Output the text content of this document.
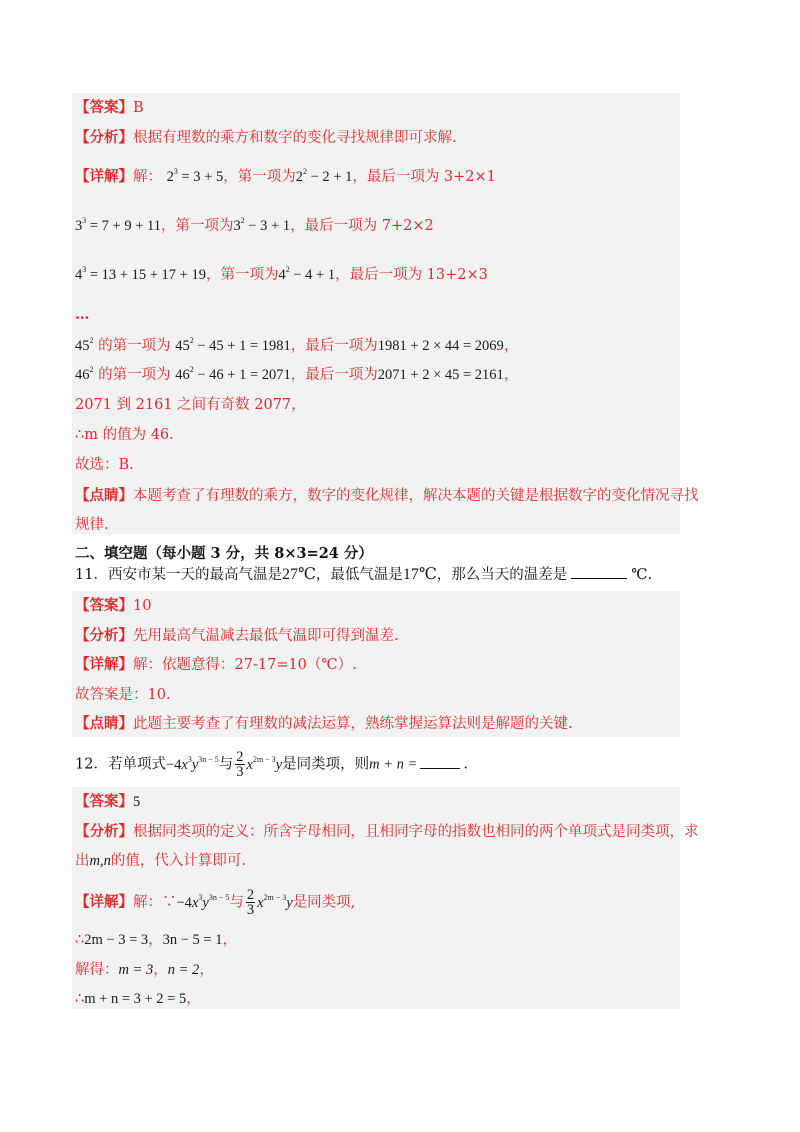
【答案】B
【分析】根据有理数的乘方和数字的变化寻找规律即可求解.
【详解】解： $2^3 = 3 + 5$，第一项为$2^2 - 2 + 1$，最后一项为 3+2×1
$3^3 = 7 + 9 + 11$，第一项为$3^2 - 3 + 1$，最后一项为 7+2×2
$4^3 = 13 + 15 + 17 + 19$，第一项为$4^2 - 4 + 1$，最后一项为 13+2×3
…
$45^2$ 的第一项为 $45^2 - 45 + 1 = 1981$，最后一项为1981 + 2 × 44 = 2069，
$46^2$ 的第一项为 $46^2 - 46 + 1 = 2071$，最后一项为2071 + 2 × 45 = 2161，
2071 到 2161 之间有奇数 2077，
∴m 的值为 46.
故选：B.
【点睛】本题考查了有理数的乘方，数字的变化规律，解决本题的关键是根据数字的变化情况寻找
规律.
二、填空题（每小题 3 分，共 8×3=24 分）
11．西安市某一天的最高气温是27℃，最低气温是17℃，那么当天的温差是	℃.
【答案】10
【分析】先用最高气温减去最低气温即可得到温差.
【详解】解：依题意得：27-17=10（℃）.
故答案是：10.
【点睛】此题主要考查了有理数的减法运算，熟练掌握运算法则是解题的关键.
12．若单项式$-4x^3y^{3n - 5}$与 $\frac{2}{3} x^{2m - 3}y$是同类项，则m + n =	.
【答案】5
【分析】根据同类项的定义：所含字母相同，且相同字母的指数也相同的两个单项式是同类项，求
出m,n的值，代入计算即可.
【详解】解：$\because-4x^3y^{3n - 5}$与 $\frac{2}{3} x^{2m - 3}y$是同类项,
∴2m − 3 = 3，3n − 5 = 1，
解得：m = 3，n = 2，
∴m + n = 3 + 2 = 5，
